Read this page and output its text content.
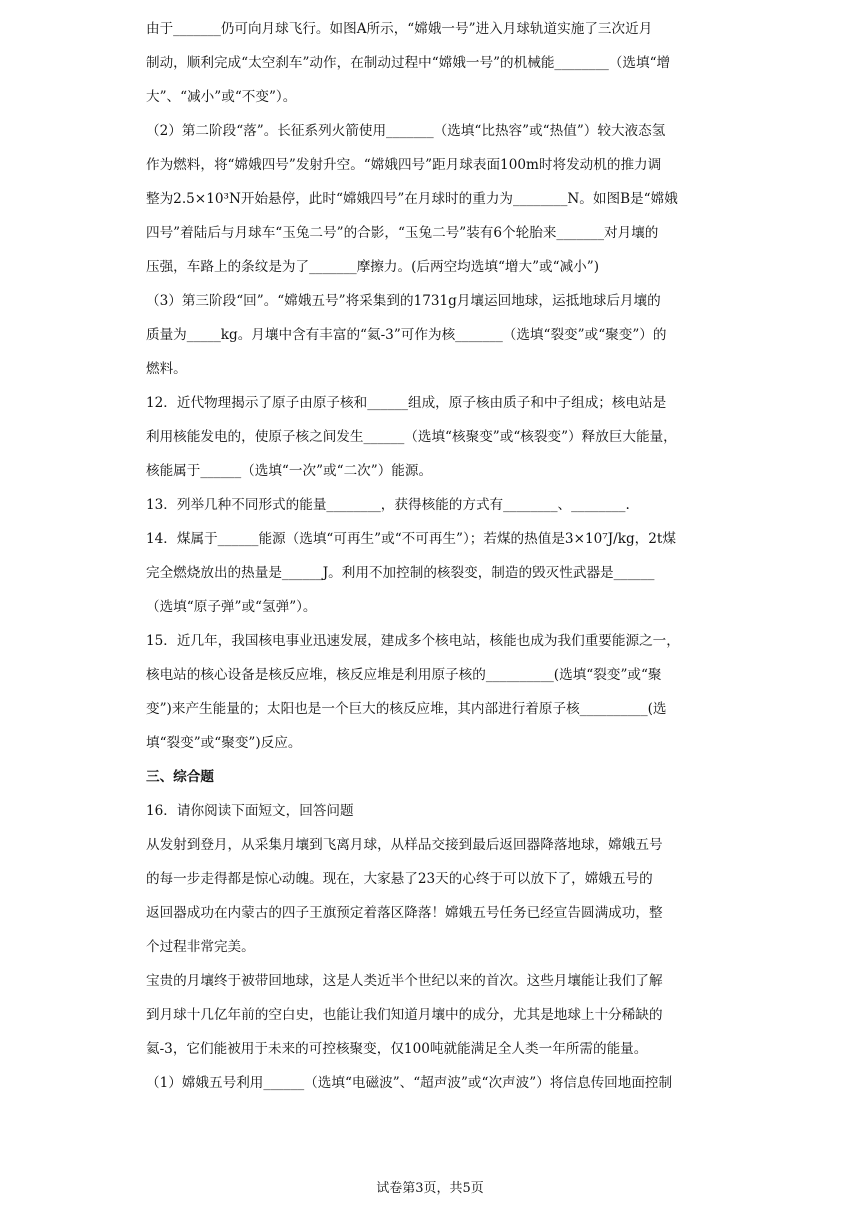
由于_______仍可向月球飞行。如图A所示，“嫦娥一号”进入月球轨道实施了三次近月
制动，顺利完成“太空刹车”动作，在制动过程中“嫦娥一号”的机械能________（选填“增
大”、“减小”或“不变”）。
（2）第二阶段“落”。长征系列火箭使用_______（选填“比热容”或“热值”）较大液态氢
作为燃料，将“嫦娥四号”发射升空。“嫦娥四号”距月球表面100m时将发动机的推力调
整为2.5×10³N开始悬停，此时“嫦娥四号”在月球时的重力为________N。如图B是“嫦娥
四号”着陆后与月球车“玉兔二号”的合影，“玉兔二号”装有6个轮胎来_______对月壤的
压强，车路上的条纹是为了_______摩擦力。(后两空均选填“增大”或“减小”)
（3）第三阶段“回”。“嫦娥五号”将采集到的1731g月壤运回地球，运抵地球后月壤的
质量为_____kg。月壤中含有丰富的“氦-3”可作为核_______（选填“裂变”或“聚变”）的
燃料。
12．近代物理揭示了原子由原子核和______组成，原子核由质子和中子组成；核电站是
利用核能发电的，使原子核之间发生______（选填“核聚变”或“核裂变”）释放巨大能量，
核能属于______（选填“一次”或“二次”）能源。
13．列举几种不同形式的能量________，获得核能的方式有________、________.
14．煤属于______能源（选填“可再生”或“不可再生”）；若煤的热值是3×10⁷J/kg，2t煤
完全燃烧放出的热量是______J。利用不加控制的核裂变，制造的毁灭性武器是______
（选填“原子弹”或“氢弹”）。
15．近几年，我国核电事业迅速发展，建成多个核电站，核能也成为我们重要能源之一，
核电站的核心设备是核反应堆，核反应堆是利用原子核的__________(选填“裂变”或“聚
变”)来产生能量的；太阳也是一个巨大的核反应堆，其内部进行着原子核__________(选
填“裂变”或“聚变”)反应。
三、综合题
16．请你阅读下面短文，回答问题
从发射到登月，从采集月壤到飞离月球，从样品交接到最后返回器降落地球，嫦娥五号
的每一步走得都是惊心动魄。现在，大家悬了23天的心终于可以放下了，嫦娥五号的
返回器成功在内蒙古的四子王旗预定着落区降落！嫦娥五号任务已经宣告圆满成功，整
个过程非常完美。
宝贵的月壤终于被带回地球，这是人类近半个世纪以来的首次。这些月壤能让我们了解
到月球十几亿年前的空白史，也能让我们知道月壤中的成分，尤其是地球上十分稀缺的
氦-3，它们能被用于未来的可控核聚变，仅100吨就能满足全人类一年所需的能量。
（1）嫦娥五号利用______（选填“电磁波”、“超声波”或“次声波”）将信息传回地面控制
试卷第3页，共5页
